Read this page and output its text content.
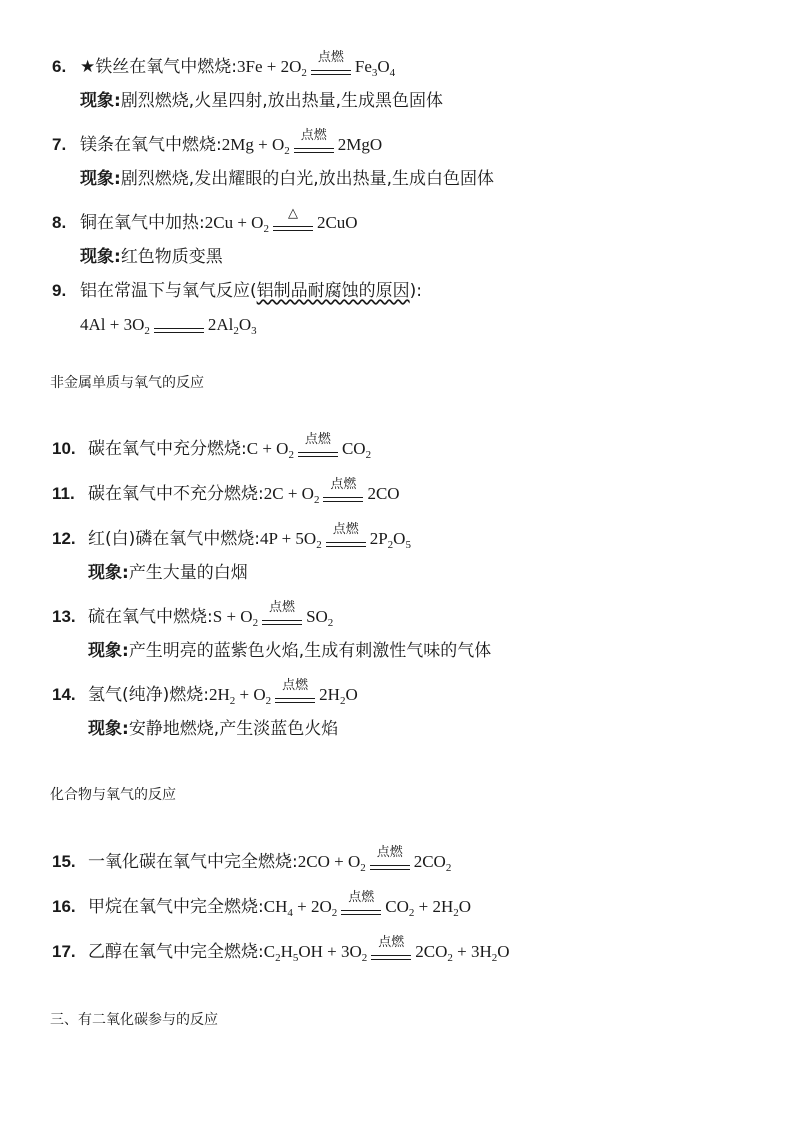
6. ★铁丝在氧气中燃烧:3Fe + $2O_2$
点燃 $Fe_3O_4$
现象:剧烈燃烧,火星四射,放出热量,生成黑色固体
7. 镁条在氧气中燃烧:2Mg + $O_2$
点燃 2MgO
现象:剧烈燃烧,发出耀眼的白光,放出热量,生成白色固体
8. 铜在氧气中加热:2Cu + $O_2$
△	2CuO
现象:红色物质变黑
9. 铝在常温下与氧气反应(铝制品耐腐蚀的原因):
$4Al + 3O_2$	$2Al_2O_3$
非金属单质与氧气的反应
10. 碳在氧气中充分燃烧:C + $O_2$
点燃 $CO_2$
11. 碳在氧气中不充分燃烧:2C + $O_2$
点燃 2CO
12. 红(白)磷在氧气中燃烧:4P + $5O_2$
点燃 $2P_2O_5$
现象:产生大量的白烟
13. 硫在氧气中燃烧:S + $O_2$
点燃 $SO_2$
现象:产生明亮的蓝紫色火焰,生成有刺激性气味的气体
14. 氢气(纯净)燃烧$:2H_2 + O_2$
点燃 $2H_2O$
现象:安静地燃烧,产生淡蓝色火焰
化合物与氧气的反应
15. 一氧化碳在氧气中完全燃烧:2CO + $O_2$
点燃 $2CO_2$
16. 甲烷在氧气中完全燃烧$:CH_4 + 2O_2$
点燃 $CO_2 + 2H_2O$
17. 乙醇在氧气中完全燃烧$:C_2H_5OH + 3O_2$
点燃 $2CO_2 + 3H_2O$
三、有二氧化碳参与的反应
